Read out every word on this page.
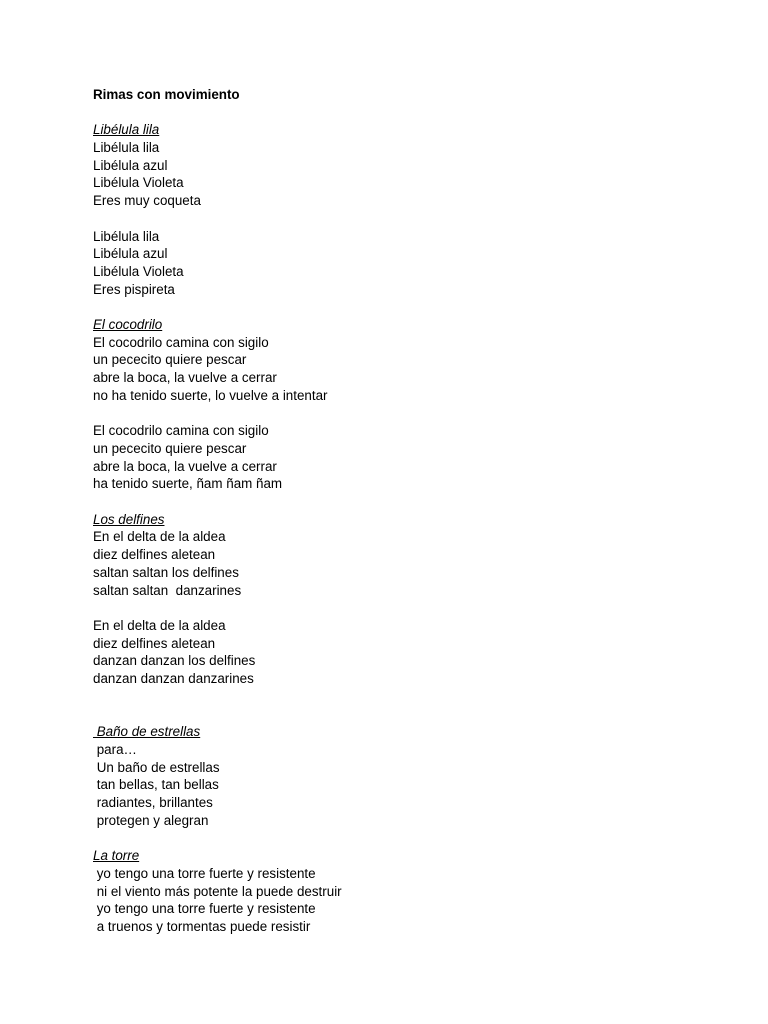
Rimas con movimiento
Libélula lila
Libélula lila
Libélula azul
Libélula Violeta
Eres muy coqueta
Libélula lila
Libélula azul
Libélula Violeta
Eres pispireta
El cocodrilo
El cocodrilo camina con sigilo
un pececito quiere pescar
abre la boca, la vuelve a cerrar
no ha tenido suerte, lo vuelve a intentar
El cocodrilo camina con sigilo
un pececito quiere pescar
abre la boca, la vuelve a cerrar
ha tenido suerte, ñam ñam ñam
Los delfines
En el delta de la aldea
diez delfines aletean
saltan saltan los delfines
saltan saltan  danzarines
En el delta de la aldea
diez delfines aletean
danzan danzan los delfines
danzan danzan danzarines
Baño de estrellas
para…
Un baño de estrellas
tan bellas, tan bellas
radiantes, brillantes
protegen y alegran
La torre
yo tengo una torre fuerte y resistente
ni el viento más potente la puede destruir
yo tengo una torre fuerte y resistente
a truenos y tormentas puede resistir
